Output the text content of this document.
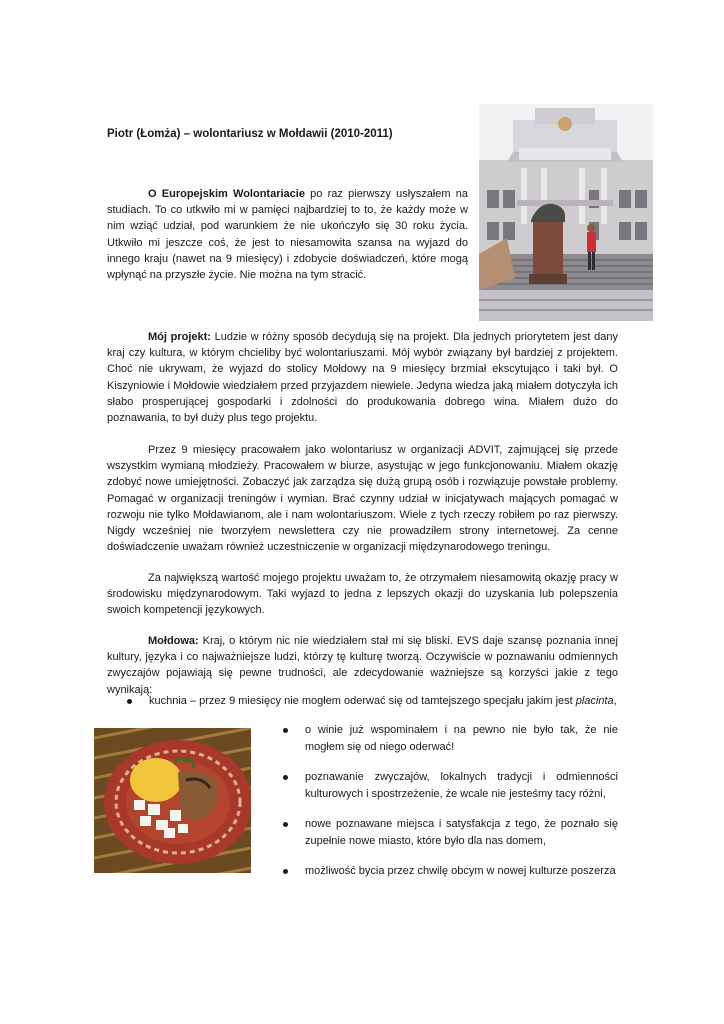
Piotr (Łomża) – wolontariusz w Mołdawii (2010-2011)

O Europejskim Wolontariacie po raz pierwszy usłyszałem na studiach. To co utkwiło mi w pamięci najbardziej to to, że każdy może w nim wziąć udział, pod warunkiem że nie ukończyło się 30 roku życia. Utkwiło mi jeszcze coś, że jest to niesamowita szansa na wyjazd do innego kraju (nawet na 9 miesięcy) i zdobycie doświadczeń, które mogą wpłynąć na przyszłe życie. Nie można na tym stracić.

Mój projekt: Ludzie w różny sposób decydują się na projekt. Dla jednych priorytetem jest dany kraj czy kultura, w którym chcieliby być wolontariuszami. Mój wybór związany był bardziej z projektem. Choć nie ukrywam, że wyjazd do stolicy Mołdowy na 9 miesięcy brzmiał ekscytująco i taki był. O Kiszyniowie i Mołdowie wiedziałem przed przyjazdem niewiele. Jedyna wiedza jaką miałem dotyczyła ich słabo prosperującej gospodarki i zdolności do produkowania dobrego wina. Miałem dużo do poznawania, to był duży plus tego projektu.

Przez 9 miesięcy pracowałem jako wolontariusz w organizacji ADVIT, zajmującej się przede wszystkim wymianą młodzieży. Pracowałem w biurze, asystując w jego funkcjonowaniu. Miałem okazję zdobyć nowe umiejętności. Zobaczyć jak zarządza się dużą grupą osób i rozwiązuje powstałe problemy. Pomagać w organizacji treningów i wymian. Brać czynny udział w inicjatywach mających pomagać w rozwoju nie tylko Mołdawianom, ale i nam wolontariuszom. Wiele z tych rzeczy robiłem po raz pierwszy. Nigdy wcześniej nie tworzyłem newslettera czy nie prowadziłem strony internetowej. Za cenne doświadczenie uważam również uczestniczenie w organizacji międzynarodowego treningu.

Za największą wartość mojego projektu uważam to, że otrzymałem niesamowitą okazję pracy w środowisku międzynarodowym. Taki wyjazd to jedna z lepszych okazji do uzyskania lub polepszenia swoich kompetencji językowych.

Mołdowa: Kraj, o którym nic nie wiedziałem stał mi się bliski. EVS daje szansę poznania innej kultury, języka i co najważniejsze ludzi, którzy tę kulturę tworzą. Oczywiście w poznawaniu odmiennych zwyczajów pojawiają się pewne trudności, ale zdecydowanie ważniejsze są korzyści jakie z tego wynikają:

kuchnia – przez 9 miesięcy nie mogłem oderwać się od tamtejszego specjału jakim jest placinta,
o winie już wspominałem i na pewno nie było tak, że nie mogłem się od niego oderwać!
poznawanie zwyczajów, lokalnych tradycji i odmienności kulturowych i spostrzeżenie, że wcale nie jesteśmy tacy różni,
nowe poznawane miejsca i satysfakcja z tego, że poznało się zupełnie nowe miasto, które było dla nas domem,
możliwość bycia przez chwilę obcym w nowej kulturze poszerza
